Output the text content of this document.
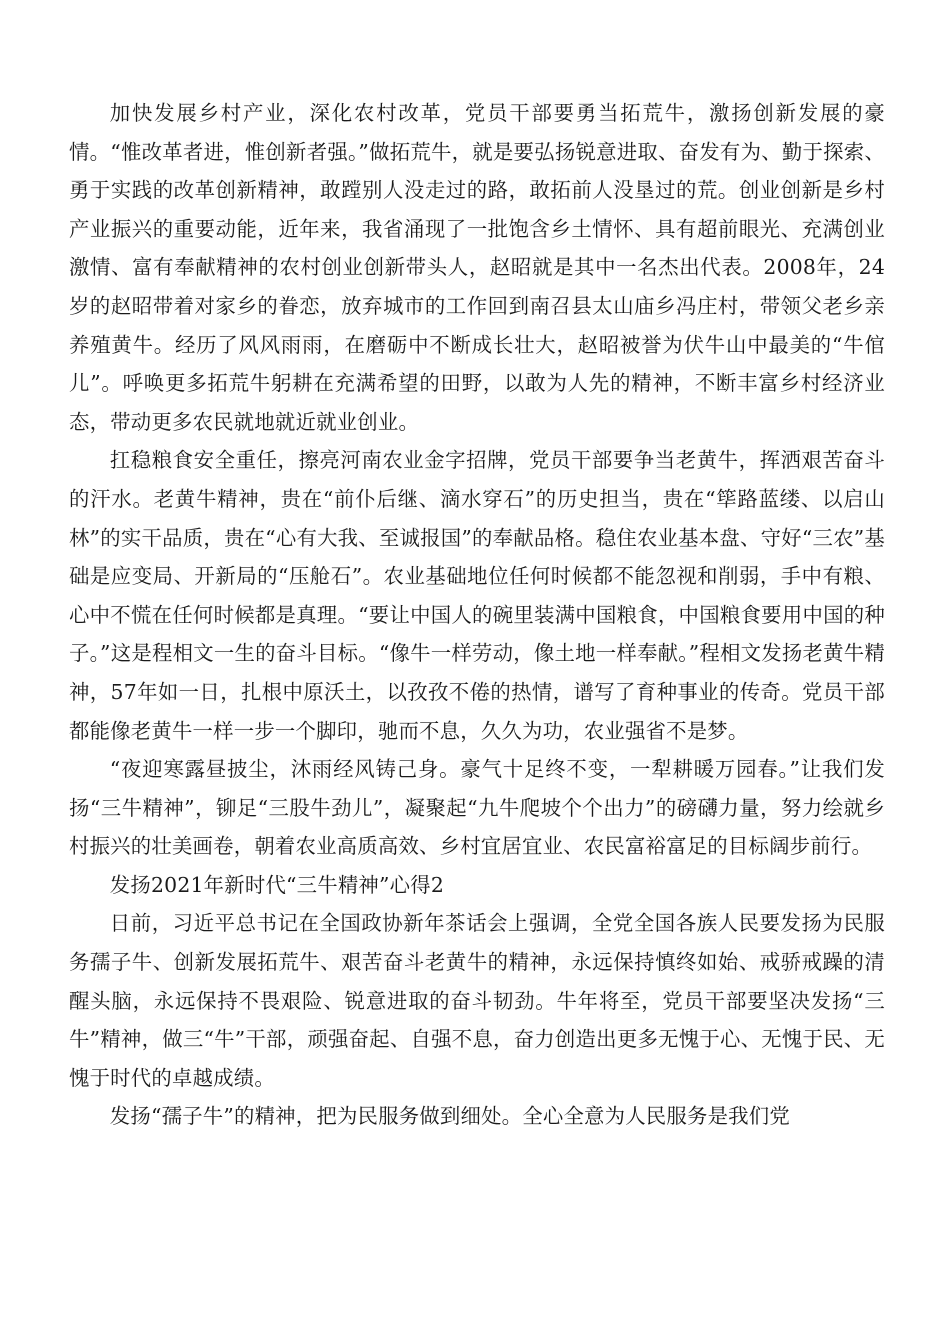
加快发展乡村产业，深化农村改革，党员干部要勇当拓荒牛，激扬创新发展的豪情。“惟改革者进，惟创新者强。”做拓荒牛，就是要弘扬锐意进取、奋发有为、勤于探索、勇于实践的改革创新精神，敢蹚别人没走过的路，敢拓前人没垦过的荒。创业创新是乡村产业振兴的重要动能，近年来，我省涌现了一批饱含乡土情怀、具有超前眼光、充满创业激情、富有奉献精神的农村创业创新带头人，赵昭就是其中一名杰出代表。2008年，24岁的赵昭带着对家乡的眷恋，放弃城市的工作回到南召县太山庙乡冯庄村，带领父老乡亲养殖黄牛。经历了风风雨雨，在磨砺中不断成长壮大，赵昭被誉为伏牛山中最美的“牛倌儿”。呼唤更多拓荒牛躬耕在充满希望的田野，以敢为人先的精神，不断丰富乡村经济业态，带动更多农民就地就近就业创业。

扛稳粮食安全重任，擦亮河南农业金字招牌，党员干部要争当老黄牛，挥洒艰苦奋斗的汗水。老黄牛精神，贵在“前仆后继、滴水穿石”的历史担当，贵在“筚路蓝缕、以启山林”的实干品质，贵在“心有大我、至诚报国”的奉献品格。稳住农业基本盘、守好“三农”基础是应变局、开新局的“压舱石”。农业基础地位任何时候都不能忽视和削弱，手中有粮、心中不慌在任何时候都是真理。“要让中国人的碗里装满中国粮食，中国粮食要用中国的种子。”这是程相文一生的奋斗目标。“像牛一样劳动，像土地一样奉献。”程相文发扬老黄牛精神，57年如一日，扎根中原沃土，以孜孜不倦的热情，谱写了育种事业的传奇。党员干部都能像老黄牛一样一步一个脚印，驰而不息，久久为功，农业强省不是梦。

“夜迎寒露昼披尘，沐雨经风铸己身。豪气十足终不变，一犁耕暖万园春。”让我们发扬“三牛精神”，铆足“三股牛劲儿”，凝聚起“九牛爬坡个个出力”的磅礴力量，努力绘就乡村振兴的壮美画卷，朝着农业高质高效、乡村宜居宜业、农民富裕富足的目标阔步前行。

发扬2021年新时代“三牛精神”心得2

日前，习近平总书记在全国政协新年茶话会上强调，全党全国各族人民要发扬为民服务孺子牛、创新发展拓荒牛、艰苦奋斗老黄牛的精神，永远保持慎终如始、戒骄戒躁的清醒头脑，永远保持不畏艰险、锐意进取的奋斗韧劲。牛年将至，党员干部要坚决发扬“三牛”精神，做三“牛”干部，顽强奋起、自强不息，奋力创造出更多无愧于心、无愧于民、无愧于时代的卓越成绩。

发扬“孺子牛”的精神，把为民服务做到细处。全心全意为人民服务是我们党
